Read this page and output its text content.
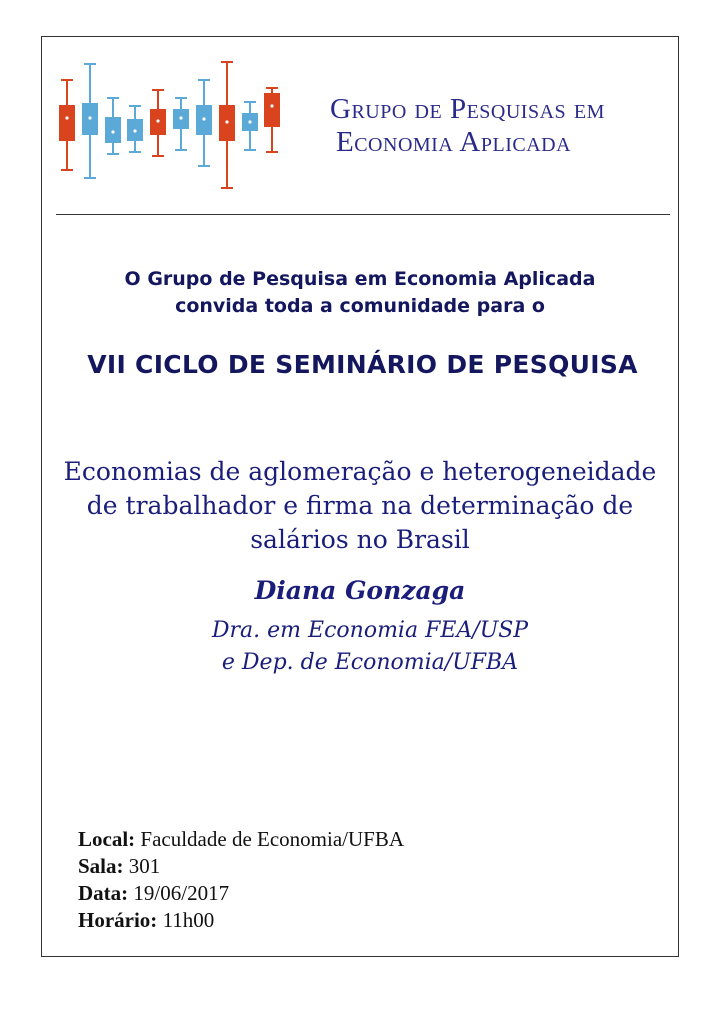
Grupo de Pesquisas em
Economia Aplicada
O Grupo de Pesquisa em Economia Aplicada
convida toda a comunidade para o
VII CICLO DE SEMINÁRIO DE PESQUISA
Economias de aglomeração e heterogeneidade
de trabalhador e firma na determinação de
salários no Brasil
Diana Gonzaga
Dra. em Economia FEA/USP
e Dep. de Economia/UFBA
Local: Faculdade de Economia/UFBA
Sala: 301
Data: 19/06/2017
Horário: 11h00
